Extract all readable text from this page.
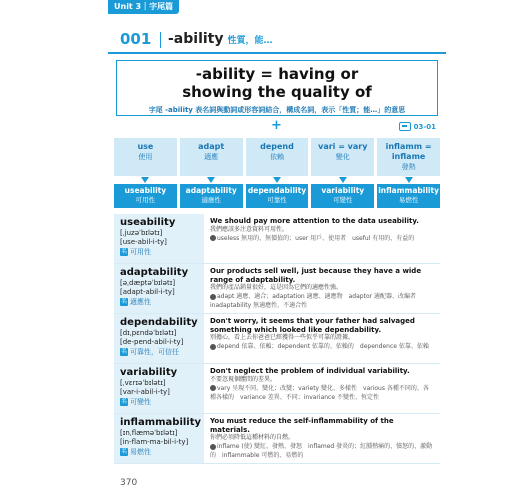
Unit 3｜字尾篇
001 -ability 性質，能…
-ability = having or
showing the quality of
字尾 -ability 表名詞與動詞或形容詞結合，構成名詞，表示「性質；能…」的意思
+	03-01
use
使用
adapt
適應
depend
依賴
vari = vary
變化
inflamm = inflame
發熱
useability
可用性
adaptability
適應性
dependability
可靠性
variability
可變性
inflammability
易燃性
useability
[ˌjuzəˈbɪlətɪ]
[use-abil-i-ty]
名 可用性
We should pay more attention to the data useability.
我們應該多注意資料可用性。
useless 無用的、無價值的；user 用戶、使用者　useful 有用的、有益的
adaptability
[əˌdæptəˈbɪlətɪ]
[adapt-abil-i-ty]
名 適應性
Our products sell well, just because they have a wide range of adaptability.
我們的產品銷量很好，這是因為它們的適應性強。
adapt 適應、適合；adaptation 適應、適應物　adaptor 適配器、改編者　inadaptability 無適應性、不適合性
dependability
[dɪˌpɛndəˈbɪlətɪ]
[de-pend-abil-i-ty]
名 可靠性，可信任
Don't worry, it seems that your father had salvaged something which looked like dependability.
別擔心，看上去你爸爸已經獲得一些似乎可靠的證據。
depend 依靠、依賴；dependent 依靠的、依賴的　dependence 依靠、依賴
variability
[ˌvɛrɪəˈbɪlətɪ]
[var-i-abil-i-ty]
名 可變性
Don't neglect the problem of individual variability.
不要忽視個體間的差異。
vary 呈現不同、變化；改變；variety 變化、多樣性　various 各種不同的、各種各樣的　variance 差異、不同；invariance 不變性、恆定性
inflammability
[ɪnˌflæməˈbɪlətɪ]
[in-flam-ma-bil-i-ty]
名 易燃性
You must reduce the self-inflammability of the materials.
你們必須降低這種材料的自燃。
inflame (使) 變紅、發熱、發怒　inflamed 發炎的；紅腫熱痛的、憤怒的、激動的　inflammable 可燃的、易燃的
370
